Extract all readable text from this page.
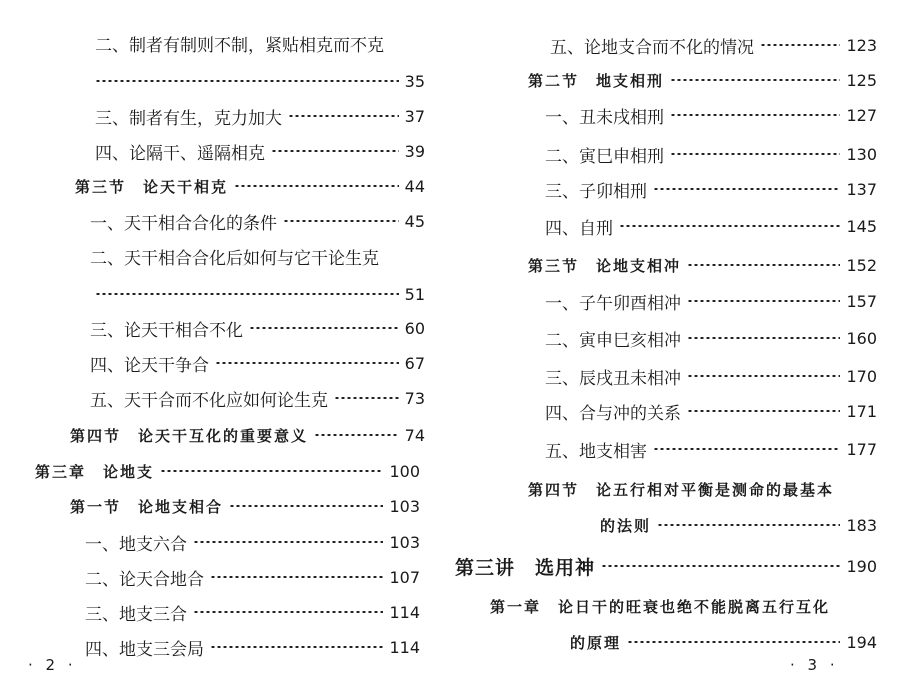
二、制者有制则不制，紧贴相克而不克
35
三、制者有生，克力加大	37
四、论隔干、遥隔相克	39
第三节　论天干相克	44
一、天干相合合化的条件	45
二、天干相合合化后如何与它干论生克
51
三、论天干相合不化	60
四、论天干争合	67
五、天干合而不化应如何论生克	73
第四节　论天干互化的重要意义	74
第三章　论地支	100
第一节　论地支相合	103
一、地支六合	103
二、论天合地合	107
三、地支三合	114
四、地支三会局	114
五、论地支合而不化的情况	123
第二节　地支相刑	125
一、丑未戌相刑	127
二、寅巳申相刑	130
三、子卯相刑	137
四、自刑	145
第三节　论地支相冲	152
一、子午卯酉相冲	157
二、寅申巳亥相冲	160
三、辰戌丑未相冲	170
四、合与冲的关系	171
五、地支相害	177
第四节　论五行相对平衡是测命的最基本
的法则	183
第三讲　选用神	190
第一章　论日干的旺衰也绝不能脱离五行互化
的原理	194
· 2 ·	· 3 ·
